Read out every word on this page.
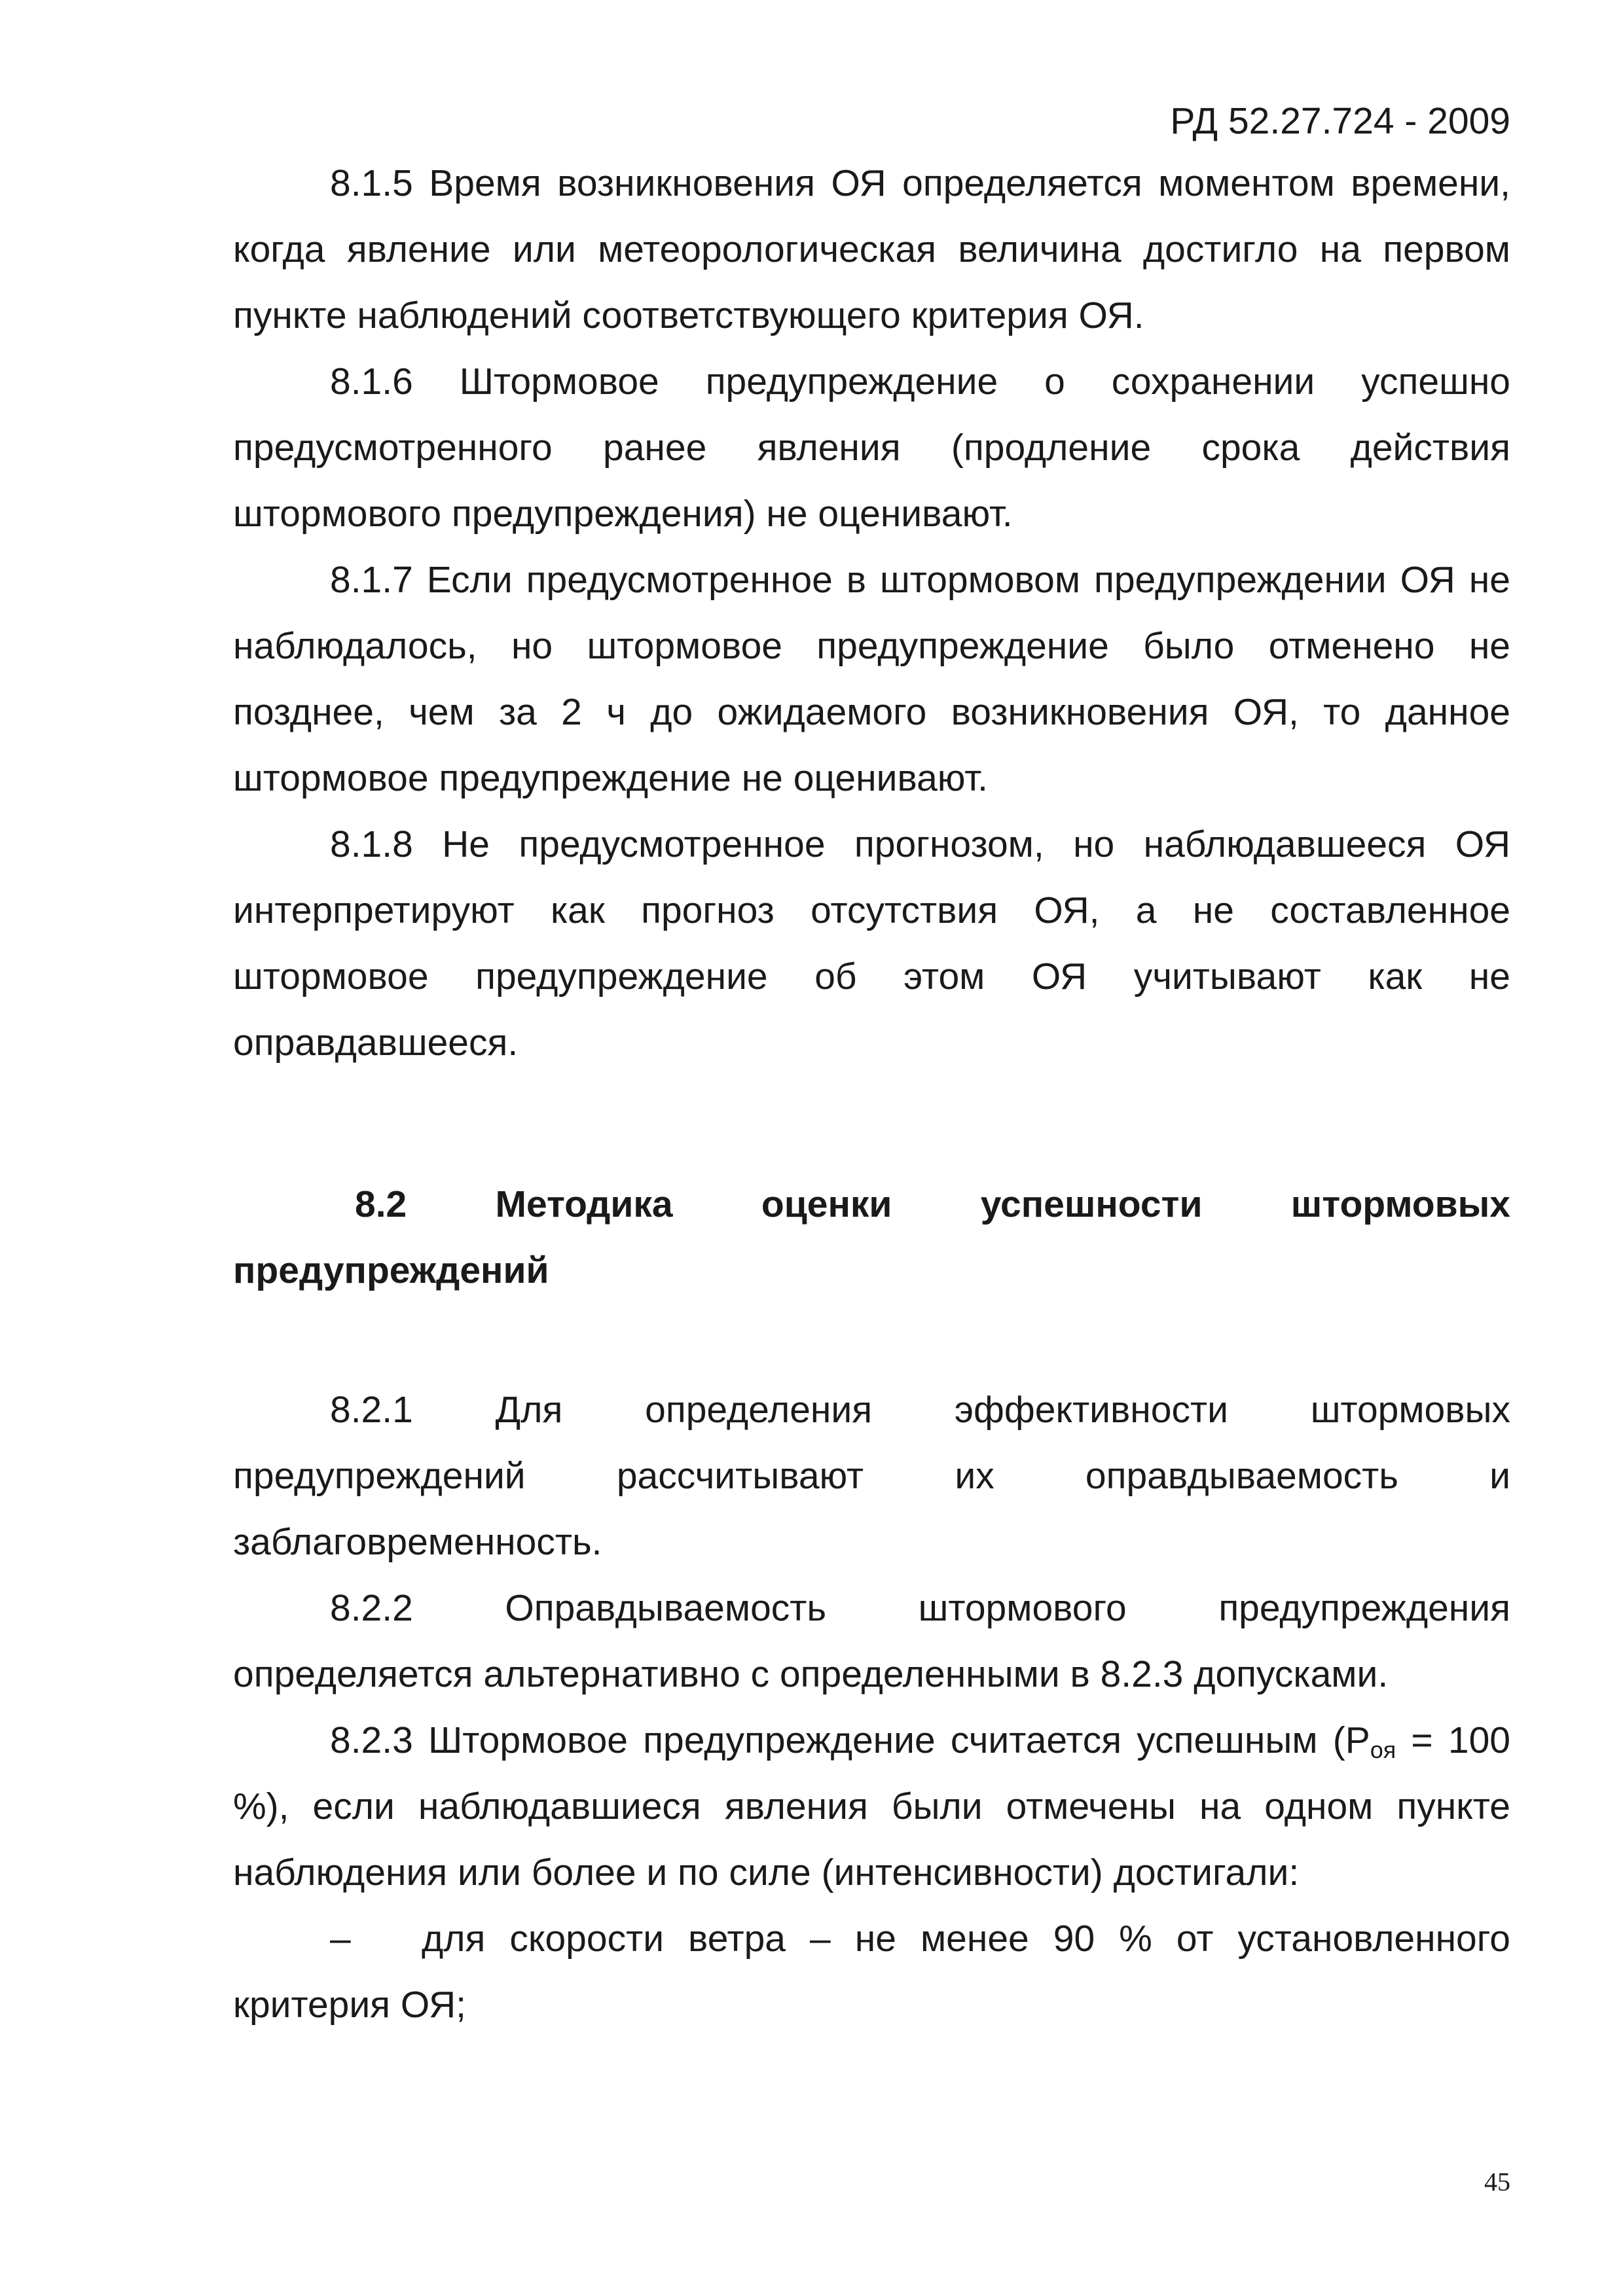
РД 52.27.724 - 2009

8.1.5 Время возникновения ОЯ определяется моментом времени, когда явление или метеорологическая величина достигло на первом пункте наблюдений соответствующего критерия ОЯ.

8.1.6 Штормовое предупреждение о сохранении успешно предусмотренного ранее явления (продление срока действия штормового предупреждения) не оценивают.

8.1.7 Если предусмотренное в штормовом предупреждении ОЯ не наблюдалось, но штормовое предупреждение было отменено не позднее, чем за 2 ч до ожидаемого возникновения ОЯ, то данное штормовое предупреждение не оценивают.

8.1.8 Не предусмотренное прогнозом, но наблюдавшееся ОЯ интерпретируют как прогноз отсутствия ОЯ, а не составленное штормовое предупреждение об этом ОЯ учитывают как не оправдавшееся.

8.2 Методика оценки успешности штормовых предупреждений

8.2.1 Для определения эффективности штормовых предупреждений рассчитывают их оправдываемость и заблаговременность.

8.2.2 Оправдываемость штормового предупреждения определяется альтернативно с определенными в 8.2.3 допусками.

8.2.3 Штормовое предупреждение считается успешным ($P_{оя} = 100$ %), если наблюдавшиеся явления были отмечены на одном пункте наблюдения или более и по силе (интенсивности) достигали:

– для скорости ветра – не менее 90 % от установленного критерия ОЯ;

45
